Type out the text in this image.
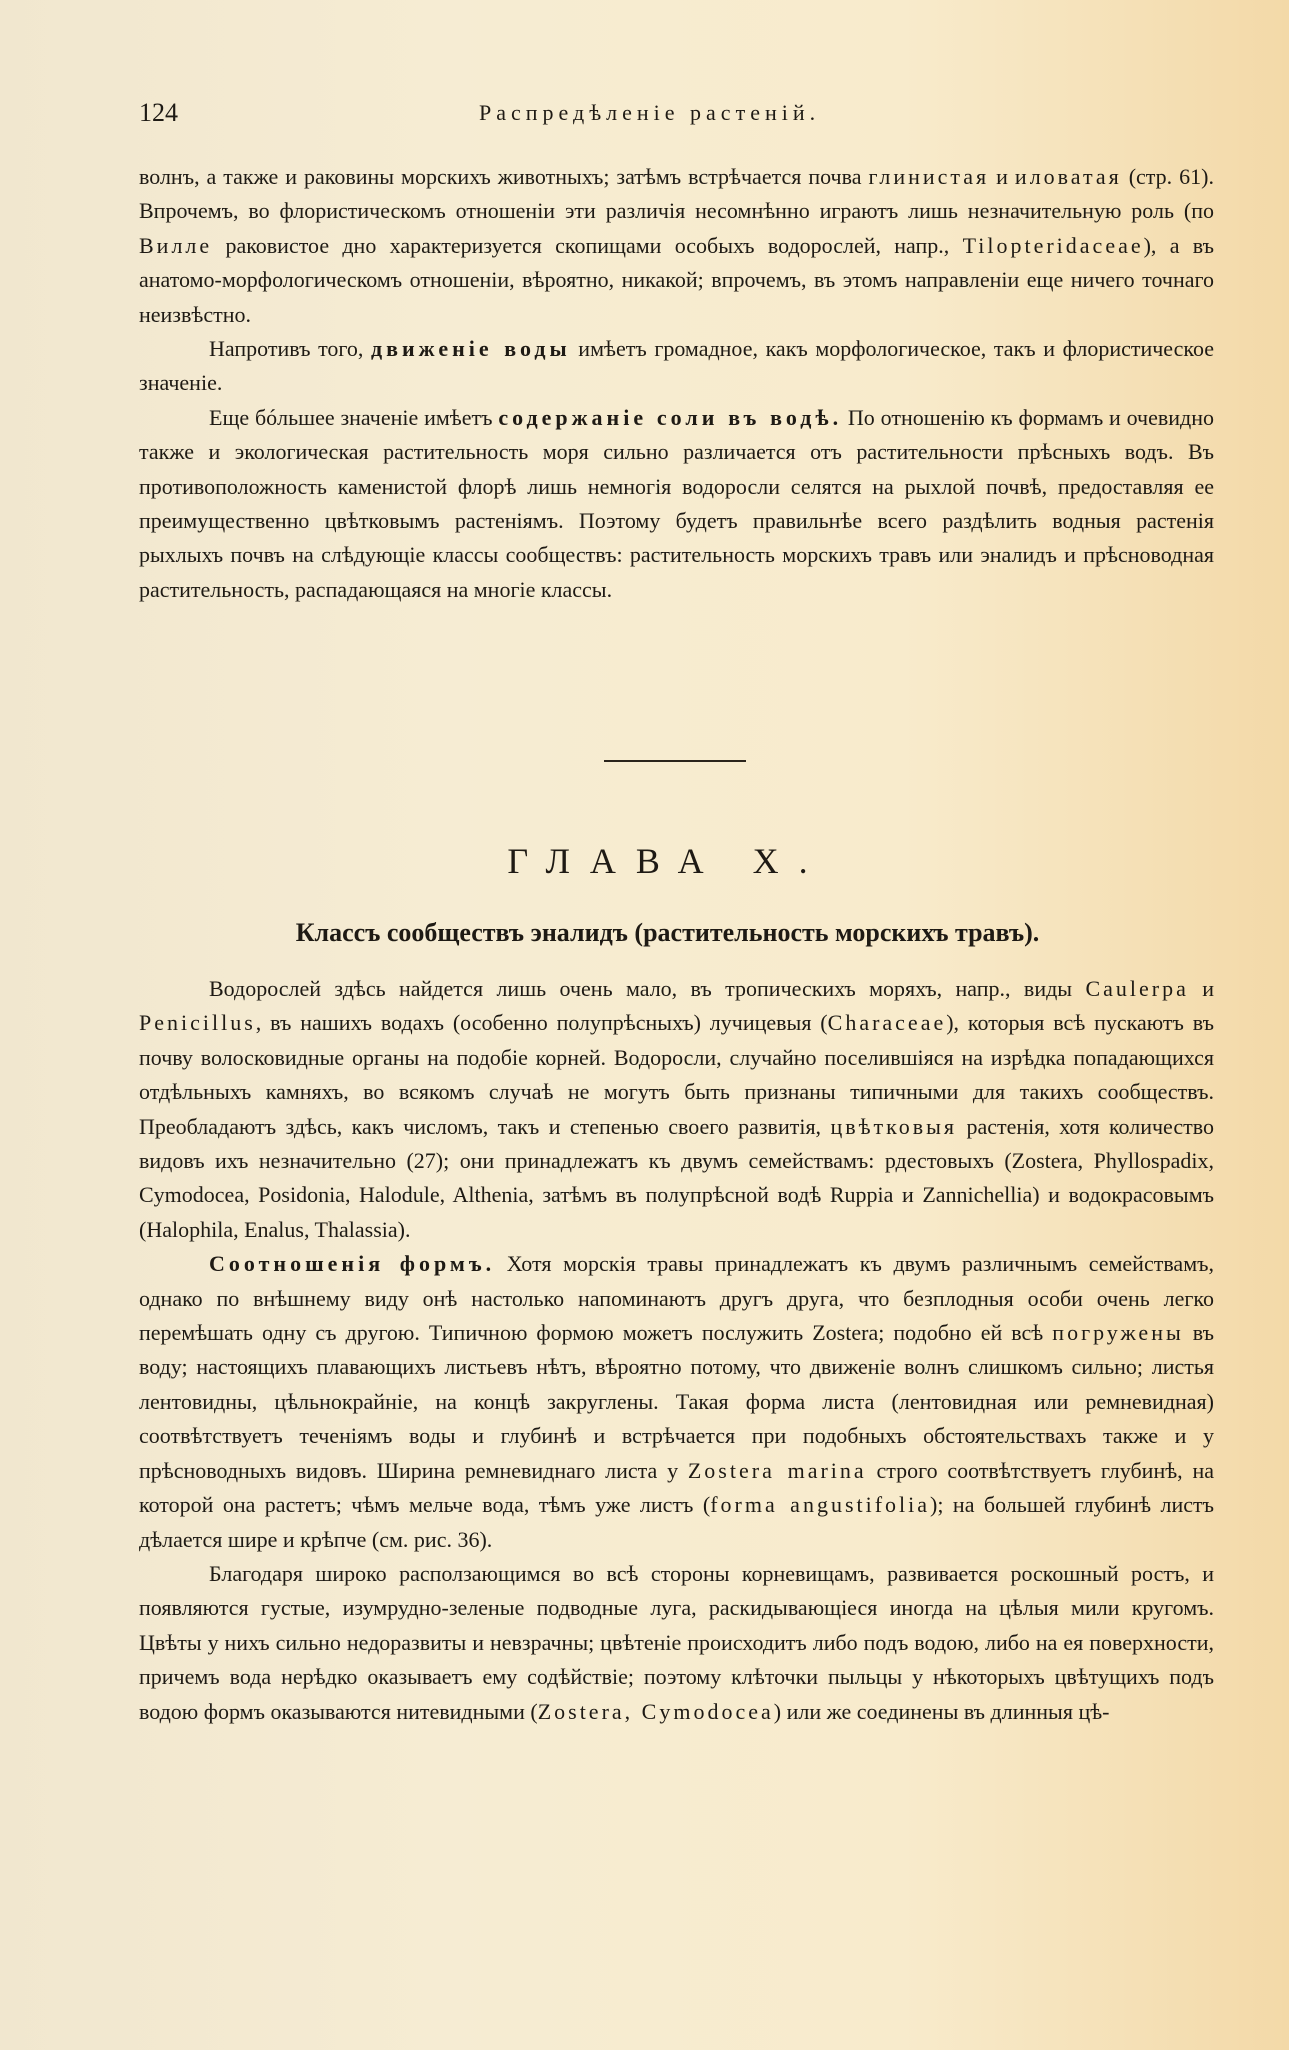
124	Распредѣленіе растеній.

волнъ, а также и раковины морскихъ животныхъ; затѣмъ встрѣчается почва глинистая и иловатая (стр. 61). Впрочемъ, во флористическомъ отношеніи эти различія несомнѣнно играютъ лишь незначительную роль (по Вилле раковистое дно характеризуется скопищами особыхъ водорослей, напр., Tilopteridaceae), а въ анатомо-морфологическомъ отношеніи, вѣроятно, никакой; впрочемъ, въ этомъ направленіи еще ничего точнаго неизвѣстно.

Напротивъ того, движеніе воды имѣетъ громадное, какъ морфологическое, такъ и флористическое значеніе.

Еще бóльшее значеніе имѣетъ содержаніе соли въ водѣ. По отношенію къ формамъ и очевидно также и экологическая растительность моря сильно различается отъ растительности прѣсныхъ водъ. Въ противоположность каменистой флорѣ лишь немногія водоросли селятся на рыхлой почвѣ, предоставляя ее преимущественно цвѣтковымъ растеніямъ. Поэтому будетъ правильнѣе всего раздѣлить водныя растенія рыхлыхъ почвъ на слѣдующіе классы сообществъ: растительность морскихъ травъ или эналидъ и прѣсноводная растительность, распадающаяся на многіе классы.

ГЛАВА X.
Классъ сообществъ эналидъ (растительность морскихъ травъ).

Водорослей здѣсь найдется лишь очень мало, въ тропическихъ моряхъ, напр., виды Caulerpa и Penicillus, въ нашихъ водахъ (особенно полупрѣсныхъ) лучицевыя (Characeae), которыя всѣ пускаютъ въ почву волосковидные органы на подобіе корней. Водоросли, случайно поселившіяся на изрѣдка попадающихся отдѣльныхъ камняхъ, во всякомъ случаѣ не могутъ быть признаны типичными для такихъ сообществъ. Преобладаютъ здѣсь, какъ числомъ, такъ и степенью своего развитія, цвѣтковыя растенія, хотя количество видовъ ихъ незначительно (27); они принадлежатъ къ двумъ семействамъ: рдестовыхъ (Zostera, Phyllospadix, Cymodocea, Posidonia, Halodule, Althenia, затѣмъ въ полупрѣсной водѣ Ruppia и Zannichellia) и водокрасовымъ (Halophila, Enalus, Thalassia).

Соотношенія формъ. Хотя морскія травы принадлежатъ къ двумъ различнымъ семействамъ, однако по внѣшнему виду онѣ настолько напоминаютъ другъ друга, что безплодныя особи очень легко перемѣшать одну съ другою. Типичною формою можетъ послужить Zostera; подобно ей всѣ погружены въ воду; настоящихъ плавающихъ листьевъ нѣтъ, вѣроятно потому, что движеніе волнъ слишкомъ сильно; листья лентовидны, цѣльнокрайніе, на концѣ закруглены. Такая форма листа (лентовидная или ремневидная) соотвѣтствуетъ теченіямъ воды и глубинѣ и встрѣчается при подобныхъ обстоятельствахъ также и у прѣсноводныхъ видовъ. Ширина ремневиднаго листа у Zostera marina строго соотвѣтствуетъ глубинѣ, на которой она растетъ; чѣмъ мельче вода, тѣмъ уже листъ (forma angustifolia); на большей глубинѣ листъ дѣлается шире и крѣпче (см. рис. 36).

Благодаря широко расползающимся во всѣ стороны корневищамъ, развивается роскошный ростъ, и появляются густые, изумрудно-зеленые подводные луга, раскидывающіеся иногда на цѣлыя мили кругомъ. Цвѣты у нихъ сильно недоразвиты и невзрачны; цвѣтеніе происходитъ либо подъ водою, либо на ея поверхности, причемъ вода нерѣдко оказываетъ ему содѣйствіе; поэтому клѣточки пыльцы у нѣкоторыхъ цвѣтущихъ подъ водою формъ оказываются нитевидными (Zostera, Cymodocea) или же соединены въ длинныя цѣ-
